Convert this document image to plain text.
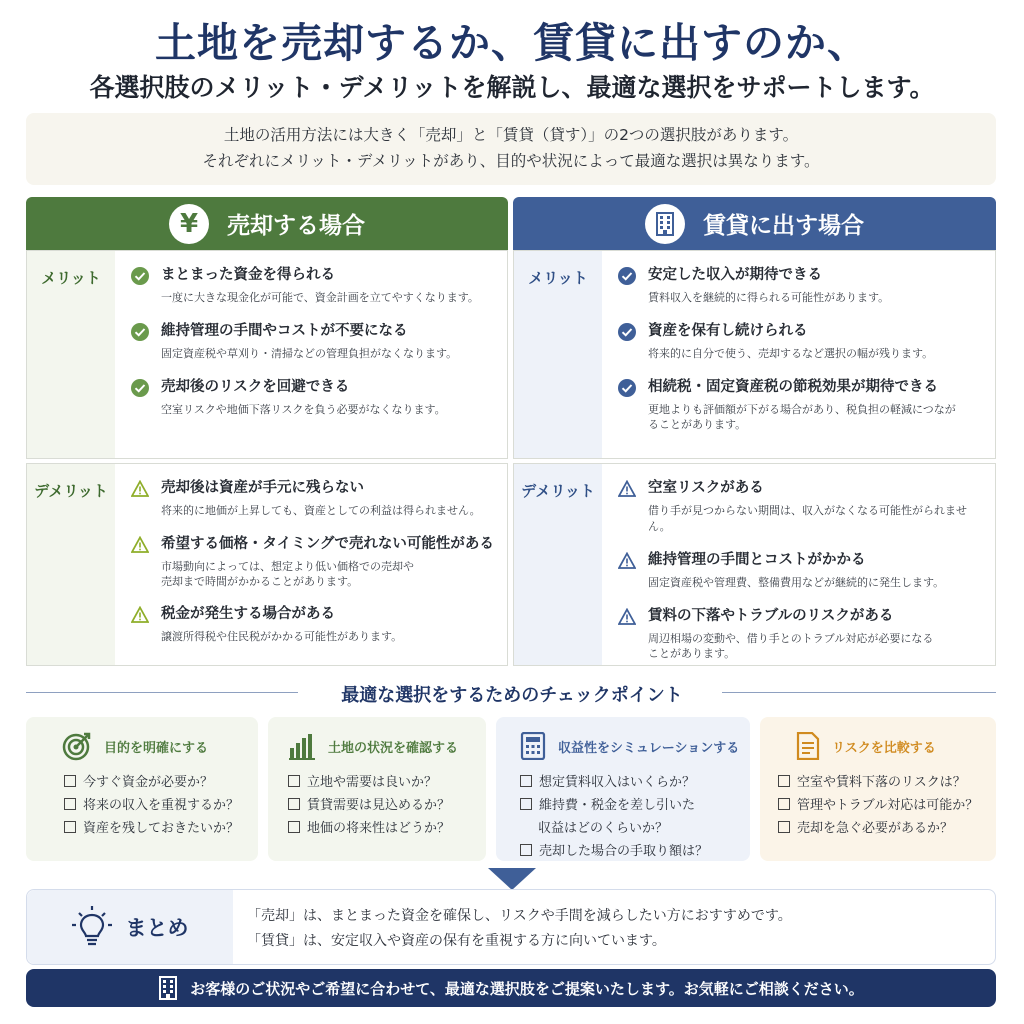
土地を売却するか、賃貸に出すのか、
各選択肢のメリット・デメリットを解説し、最適な選択をサポートします。
土地の活用方法には大きく「売却」と「賃貸（貸す）」の2つの選択肢があります。
それぞれにメリット・デメリットがあり、目的や状況によって最適な選択は異なります。
¥ 売却する場合	賃貸に出す場合
メリット	まとまった資金を得られる
一度に大きな現金化が可能で、資金計画を立てやすくなります。
維持管理の手間やコストが不要になる
固定資産税や草刈り・清掃などの管理負担がなくなります。
売却後のリスクを回避できる
空室リスクや地価下落リスクを負う必要がなくなります。
メリット	安定した収入が期待できる
賃料収入を継続的に得られる可能性があります。
資産を保有し続けられる
将来的に自分で使う、売却するなど選択の幅が残ります。
相続税・固定資産税の節税効果が期待できる
更地よりも評価額が下がる場合があり、税負担の軽減につなが
ることがあります。
デメリット	売却後は資産が手元に残らない
将来的に地価が上昇しても、資産としての利益は得られません。
希望する価格・タイミングで売れない可能性がある
市場動向によっては、想定より低い価格での売却や
売却まで時間がかかることがあります。
税金が発生する場合がある
譲渡所得税や住民税がかかる可能性があります。
デメリット	空室リスクがある
借り手が見つからない期間は、収入がなくなる可能性がられません。
維持管理の手間とコストがかかる
固定資産税や管理費、整備費用などが継続的に発生します。
賃料の下落やトラブルのリスクがある
周辺相場の変動や、借り手とのトラブル対応が必要になる
ことがあります。
最適な選択をするためのチェックポイント
目的を明確にする
今すぐ資金が必要か？
将来の収入を重視するか？
資産を残しておきたいか？
土地の状況を確認する
立地や需要は良いか？
賃貸需要は見込めるか？
地価の将来性はどうか？
収益性をシミュレーションする
想定賃料収入はいくらか？
維持費・税金を差し引いた
収益はどのくらいか？
売却した場合の手取り額は？
リスクを比較する
空室や賃料下落のリスクは？
管理やトラブル対応は可能か？
売却を急ぐ必要があるか？
まとめ	「売却」は、まとまった資金を確保し、リスクや手間を減らしたい方におすすめです。
「賃貸」は、安定収入や資産の保有を重視する方に向いています。
お客様のご状況やご希望に合わせて、最適な選択肢をご提案いたします。お気軽にご相談ください。
